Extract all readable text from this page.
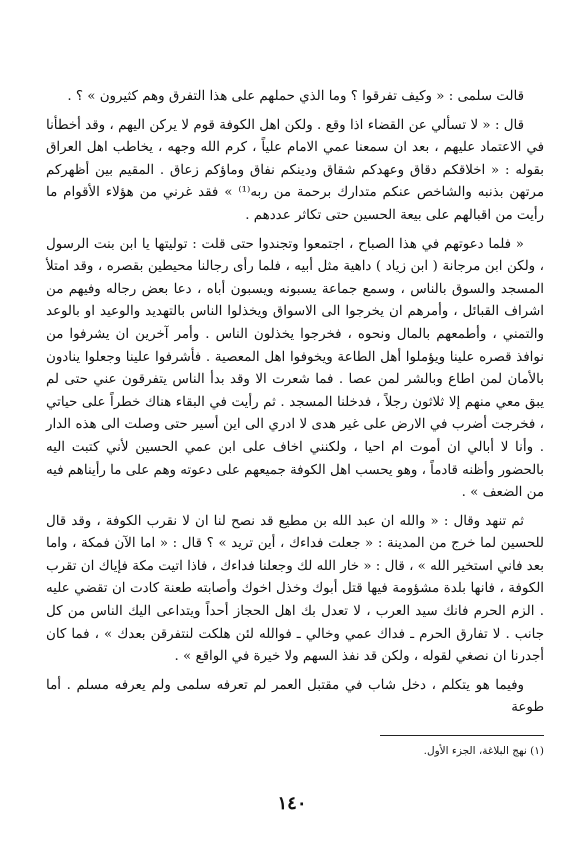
قالت سلمى : « وكيف تفرقوا ؟ وما الذي حملهم على هذا التفرق وهم كثيرون » ؟ .

قال : « لا تسألي عن القضاء اذا وقع . ولكن اهل الكوفة قوم لا يركن اليهم ، وقد أخطأنا في الاعتماد عليهم ، بعد ان سمعنا عمي الامام علياً ، كرم الله وجهه ، يخاطب اهل العراق بقوله : « اخلاقكم دقاق وعهدكم شقاق ودينكم نفاق وماؤكم زعاق . المقيم بين أظهركم مرتهن بذنبه والشاخص عنكم متدارك برحمة من ربه⁽¹⁾ » فقد غرني من هؤلاء الأقوام ما رأيت من اقبالهم على بيعة الحسين حتى تكاثر عددهم .

« فلما دعوتهم في هذا الصباح ، اجتمعوا وتجندوا حتى قلت : توليتها يا ابن بنت الرسول ، ولكن ابن مرجانة ( ابن زياد ) داهية مثل أبيه ، فلما رأى رجالنا محيطين بقصره ، وقد امتلأ المسجد والسوق بالناس ، وسمع جماعة يسبونه ويسبون أباه ، دعا بعض رجاله وفيهم من اشراف القبائل ، وأمرهم ان يخرجوا الى الاسواق ويخذلوا الناس بالتهديد والوعيد او بالوعد والتمني ، وأطمعهم بالمال ونحوه ، فخرجوا يخذلون الناس . وأمر آخرين ان يشرفوا من نوافذ قصره علينا ويؤملوا أهل الطاعة ويخوفوا اهل المعصية . فأشرفوا علينا وجعلوا ينادون بالأمان لمن اطاع وبالشر لمن عصا . فما شعرت الا وقد بدأ الناس يتفرقون عني حتى لم يبق معي منهم إلا ثلاثون رجلاً ، فدخلنا المسجد . ثم رأيت في البقاء هناك خطراً على حياتي ، فخرجت أضرب في الارض على غير هدى لا ادري الى اين أسير حتى وصلت الى هذه الدار . وأنا لا أبالي ان أموت ام احيا ، ولكنني اخاف على ابن عمي الحسين لأني كتبت اليه بالحضور وأظنه قادماً ، وهو يحسب اهل الكوفة جميعهم على دعوته وهم على ما رأيناهم فيه من الضعف » .

ثم تنهد وقال : « والله ان عبد الله بن مطيع قد نصح لنا ان لا نقرب الكوفة ، وقد قال للحسين لما خرج من المدينة : « جعلت فداءك ، أين تريد » ؟ قال : « اما الآن فمكة ، واما بعد فاني استخير الله » ، قال : « خار الله لك وجعلنا فداءك ، فاذا اتيت مكة فإياك ان تقرب الكوفة ، فانها بلدة مشؤومة فيها قتل أبوك وخذل اخوك وأصابته طعنة كادت ان تقضي عليه . الزم الحرم فانك سيد العرب ، لا تعدل بك اهل الحجاز أحداً ويتداعى اليك الناس من كل جانب . لا تفارق الحرم ـ فداك عمي وخالي ـ فوالله لئن هلكت لنتفرقن بعدك » ، فما كان أجدرنا ان نصغي لقوله ، ولكن قد نفذ السهم ولا خيرة في الواقع » .

وفيما هو يتكلم ، دخل شاب في مقتبل العمر لم تعرفه سلمى ولم يعرفه مسلم . أما طوعة

(١) نهج البلاغة، الجزء الأول.
١٤٠
